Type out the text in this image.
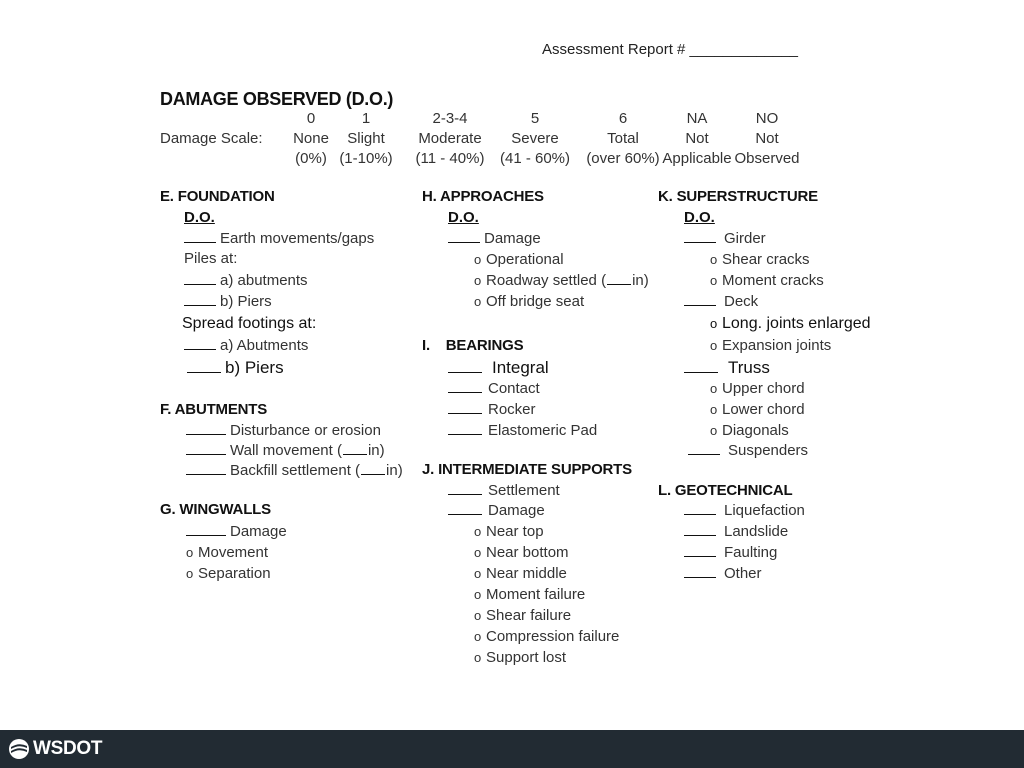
Assessment Report # _____________
DAMAGE OBSERVED (D.O.)
Damage Scale:
0
None
(0%)
1
Slight
(1-10%)
2-3-4
Moderate
(11 - 40%)
5
Severe
(41 - 60%)
6
Total
(over 60%)
NA
Not
Applicable
NO
Not
Observed
E. FOUNDATION
D.O.
Earth movements/gaps
Piles at:
a) abutments
b) Piers
Spread footings at:
a) Abutments
b) Piers
F. ABUTMENTS
Disturbance or erosion
Wall movement ( in)
Backfill settlement ( in)
G. WINGWALLS
Damage
o Movement
o Separation
H. APPROACHES
D.O.
Damage
o Operational
o Roadway settled ( in)
o Off bridge seat
I.    BEARINGS
Integral
Contact
Rocker
Elastomeric Pad
J. INTERMEDIATE SUPPORTS
Settlement
Damage
o Near top
o Near bottom
o Near middle
o Moment failure
o Shear failure
o Compression failure
o Support lost
K. SUPERSTRUCTURE
D.O.
Girder
o Shear cracks
o Moment cracks
Deck
o Long. joints enlarged
o Expansion joints
Truss
o Upper chord
o Lower chord
o Diagonals
Suspenders
L. GEOTECHNICAL
Liquefaction
Landslide
Faulting
Other
WSDOT
